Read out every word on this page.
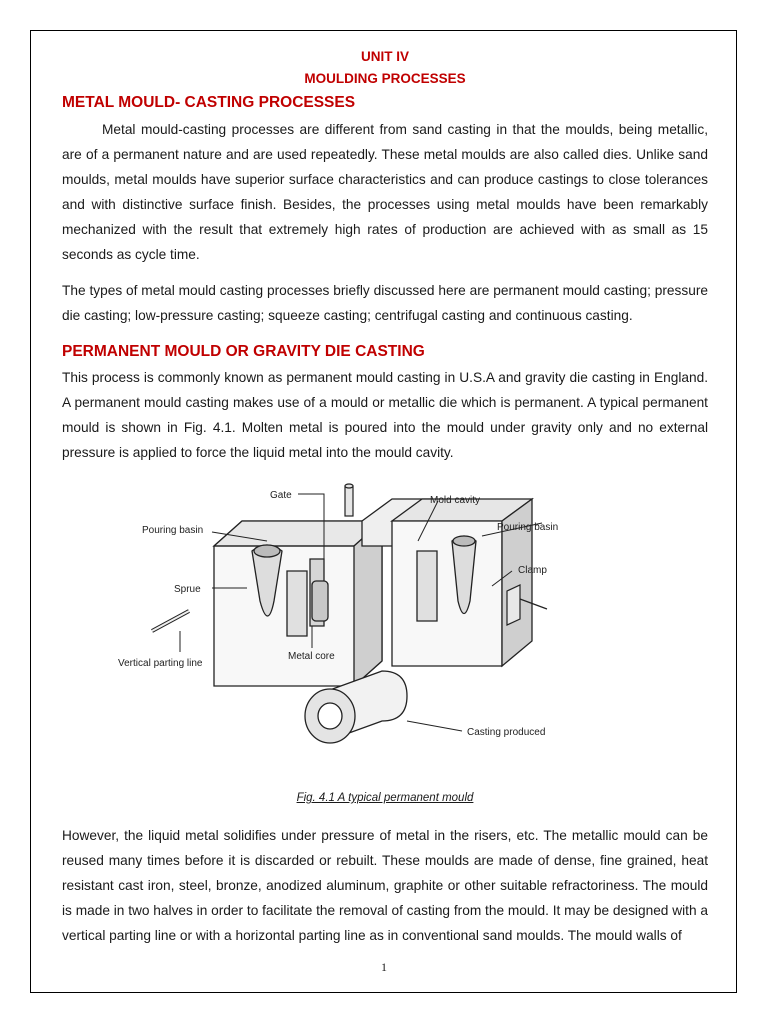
UNIT IV
MOULDING PROCESSES
METAL MOULD- CASTING PROCESSES

Metal mould-casting processes are different from sand casting in that the moulds, being metallic, are of a permanent nature and are used repeatedly. These metal moulds are also called dies. Unlike sand moulds, metal moulds have superior surface characteristics and can produce castings to close tolerances and with distinctive surface finish. Besides, the processes using metal moulds have been remarkably mechanized with the result that extremely high rates of production are achieved with as small as 15 seconds as cycle time.

The types of metal mould casting processes briefly discussed here are permanent mould casting; pressure die casting; low-pressure casting; squeeze casting; centrifugal casting and continuous casting.

PERMANENT MOULD OR GRAVITY DIE CASTING

This process is commonly known as permanent mould casting in U.S.A and gravity die casting in England. A permanent mould casting makes use of a mould or metallic die which is permanent. A typical permanent mould is shown in Fig. 4.1. Molten metal is poured into the mould under gravity only and no external pressure is applied to force the liquid metal into the mould cavity.

Gate
Pouring basin
Sprue
Vertical parting line
Metal core
Mold cavity
Pouring basin
Clamp
Casting produced
Fig. 4.1 A typical permanent mould

However, the liquid metal solidifies under pressure of metal in the risers, etc. The metallic mould can be reused many times before it is discarded or rebuilt. These moulds are made of dense, fine grained, heat resistant cast iron, steel, bronze, anodized aluminum, graphite or other suitable refractoriness. The mould is made in two halves in order to facilitate the removal of casting from the mould. It may be designed with a vertical parting line or with a horizontal parting line as in conventional sand moulds. The mould walls of

1
